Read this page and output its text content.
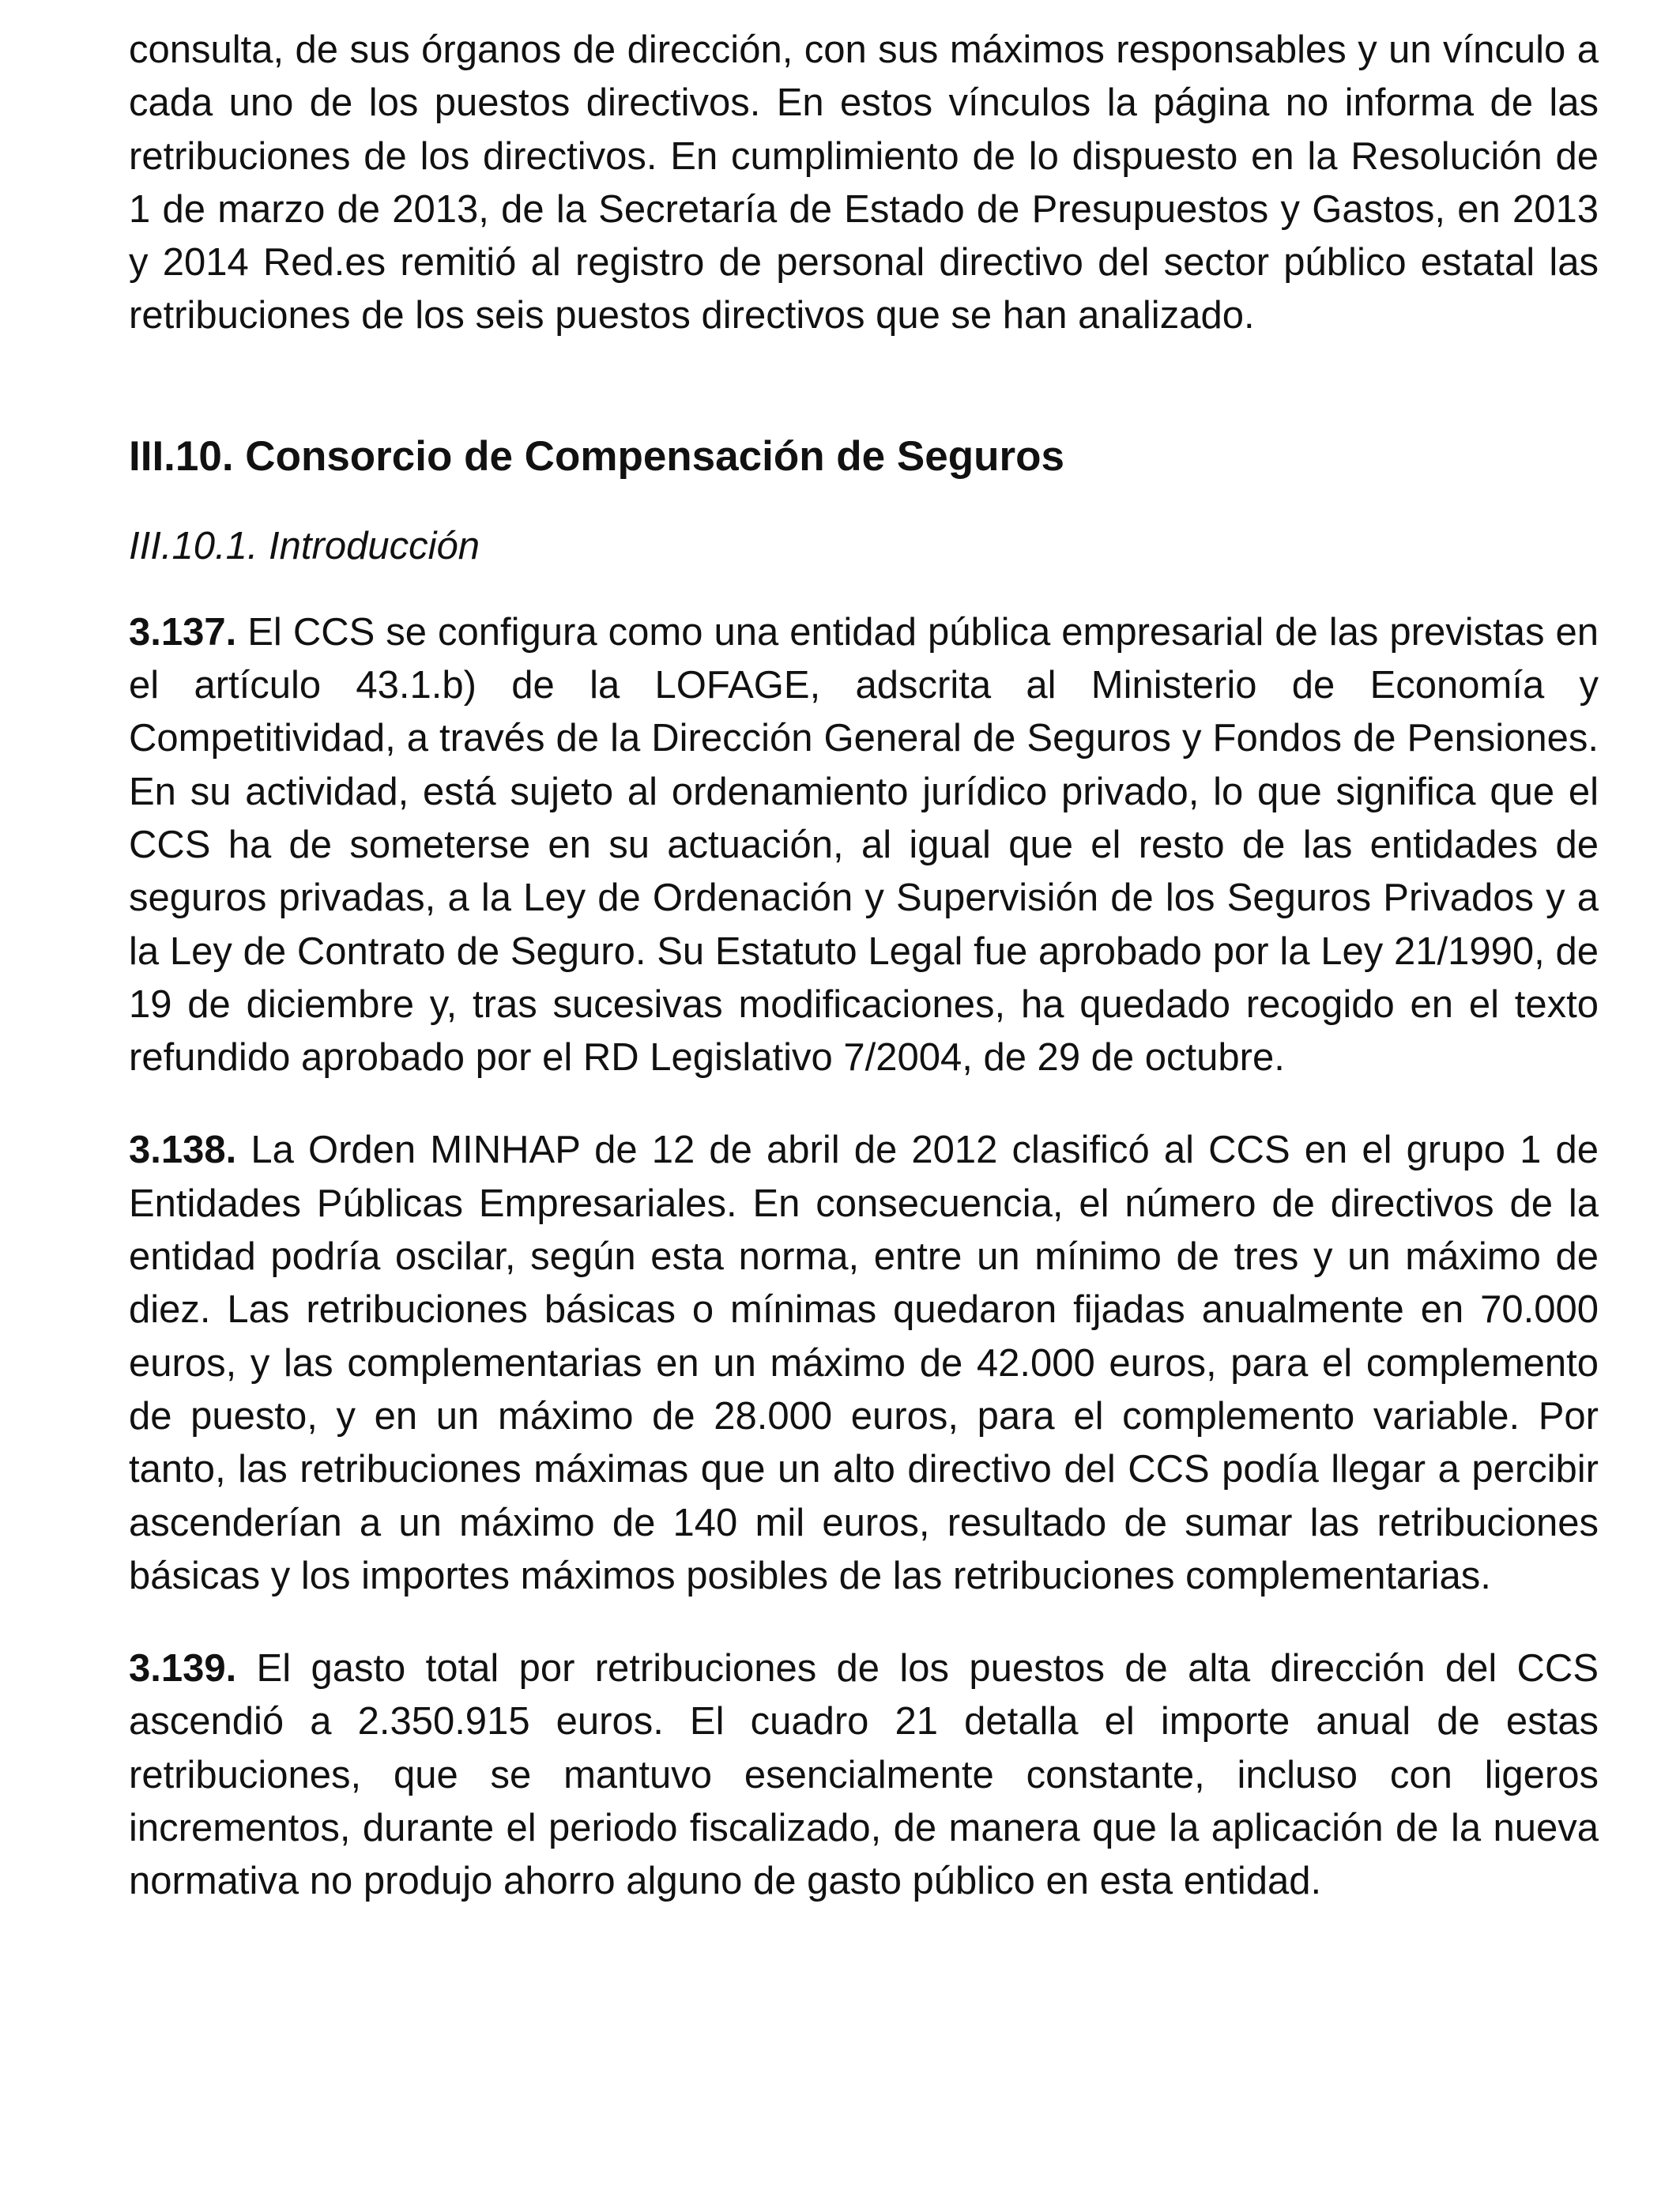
consulta, de sus órganos de dirección, con sus máximos responsables y un vínculo a cada uno de los puestos directivos. En estos vínculos la página no informa de las retribuciones de los directivos. En cumplimiento de lo dispuesto en la Resolución de 1 de marzo de 2013, de la Secretaría de Estado de Presupuestos y Gastos, en 2013 y 2014 Red.es remitió al registro de personal directivo del sector público estatal las retribuciones de los seis puestos directivos que se han analizado.

III.10. Consorcio de Compensación de Seguros
III.10.1. Introducción

3.137. El CCS se configura como una entidad pública empresarial de las previstas en el artículo 43.1.b) de la LOFAGE, adscrita al Ministerio de Economía y Competitividad, a través de la Dirección General de Seguros y Fondos de Pensiones. En su actividad, está sujeto al ordenamiento jurídico privado, lo que significa que el CCS ha de someterse en su actuación, al igual que el resto de las entidades de seguros privadas, a la Ley de Ordenación y Supervisión de los Seguros Privados y a la Ley de Contrato de Seguro. Su Estatuto Legal fue aprobado por la Ley 21/1990, de 19 de diciembre y, tras sucesivas modificaciones, ha quedado recogido en el texto refundido aprobado por el RD Legislativo 7/2004, de 29 de octubre.

3.138. La Orden MINHAP de 12 de abril de 2012 clasificó al CCS en el grupo 1 de Entidades Públicas Empresariales. En consecuencia, el número de directivos de la entidad podría oscilar, según esta norma, entre un mínimo de tres y un máximo de diez. Las retribuciones básicas o mínimas quedaron fijadas anualmente en 70.000 euros, y las complementarias en un máximo de 42.000 euros, para el complemento de puesto, y en un máximo de 28.000 euros, para el complemento variable. Por tanto, las retribuciones máximas que un alto directivo del CCS podía llegar a percibir ascenderían a un máximo de 140 mil euros, resultado de sumar las retribuciones básicas y los importes máximos posibles de las retribuciones complementarias.

3.139. El gasto total por retribuciones de los puestos de alta dirección del CCS ascendió a 2.350.915 euros. El cuadro 21 detalla el importe anual de estas retribuciones, que se mantuvo esencialmente constante, incluso con ligeros incrementos, durante el periodo fiscalizado, de manera que la aplicación de la nueva normativa no produjo ahorro alguno de gasto público en esta entidad.
